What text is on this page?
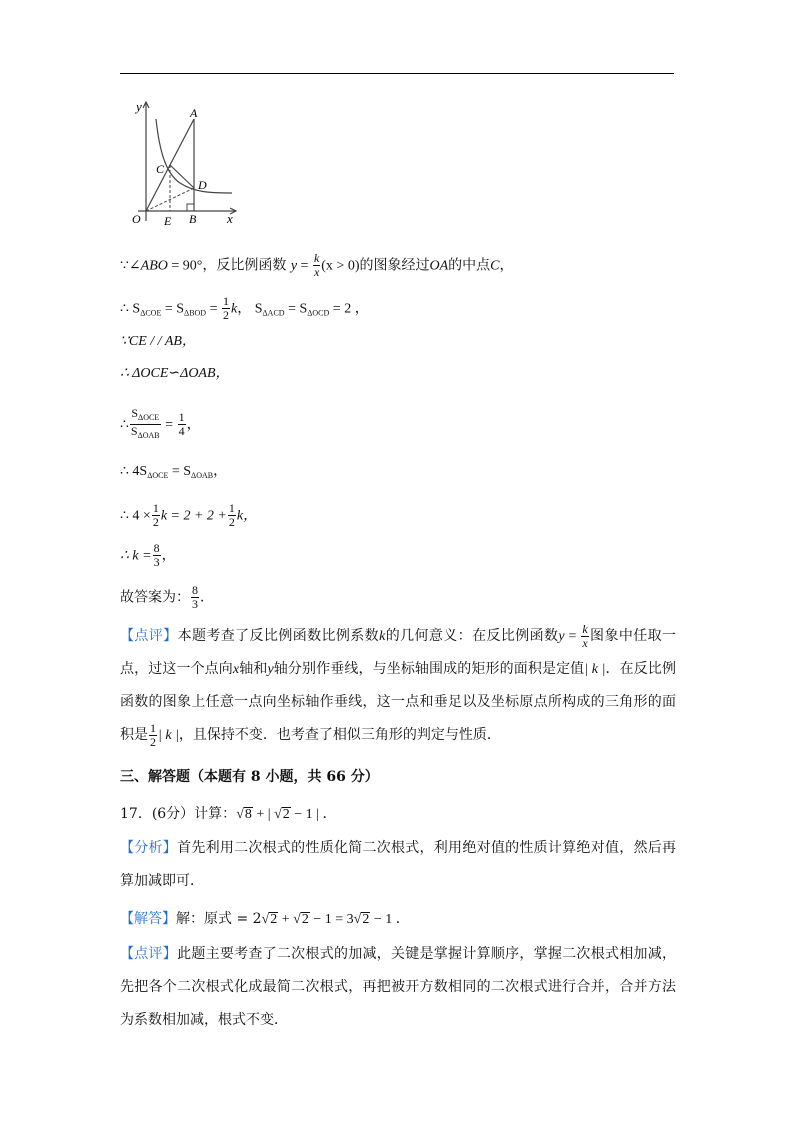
y	A
C
D
O E B x
∵∠ABO = 90°，反比例函数 $y = \frac{k}{x} (x > 0)$的图象经过OA的中点C，
∴ $S_{\Delta COE} = S_{\Delta BOD} = \frac{1}{2}$ k， $S_{\Delta ACD} = S_{\Delta OCD} = 2$ ，
∵CE / / AB，
∴ ΔOCE∽ΔOAB，
∴ $\frac{S_{\Delta OCE}}{S_{\Delta OAB}} = \frac{1}{4}$ ，
∴ $4S_{\Delta OCE} = S_{\Delta OAB}$，
∴ $4 \times \frac{1}{2}$ $k = 2 + 2 + \frac{1}{2}$ k，
∴ $k = \frac{8}{3}$ ，
故答案为： $\frac{8}{3}$ ．
【点评】本题考查了反比例函数比例系数k的几何意义：在反比例函数$y = \frac{k}{x}$ 图象中任取一点，过这一个点向x轴和y轴分别作垂线，与坐标轴围成的矩形的面积是定值| k |．在反比例函数的图象上任意一点向坐标轴作垂线，这一点和垂足以及坐标原点所构成的三角形的面积是 $\frac{1}{2}$ | k |，且保持不变．也考查了相似三角形的判定与性质．
三、解答题（本题有 8 小题，共 66 分）
17．(6分）计算：√8 + | √2 − 1 | ．
【分析】首先利用二次根式的性质化简二次根式，利用绝对值的性质计算绝对值，然后再算加减即可．
【解答】解：原式 = 2√2 + √2 − 1 = 3√2 − 1 ．
【点评】此题主要考查了二次根式的加减，关键是掌握计算顺序，掌握二次根式相加减，先把各个二次根式化成最简二次根式，再把被开方数相同的二次根式进行合并，合并方法为系数相加减，根式不变．
